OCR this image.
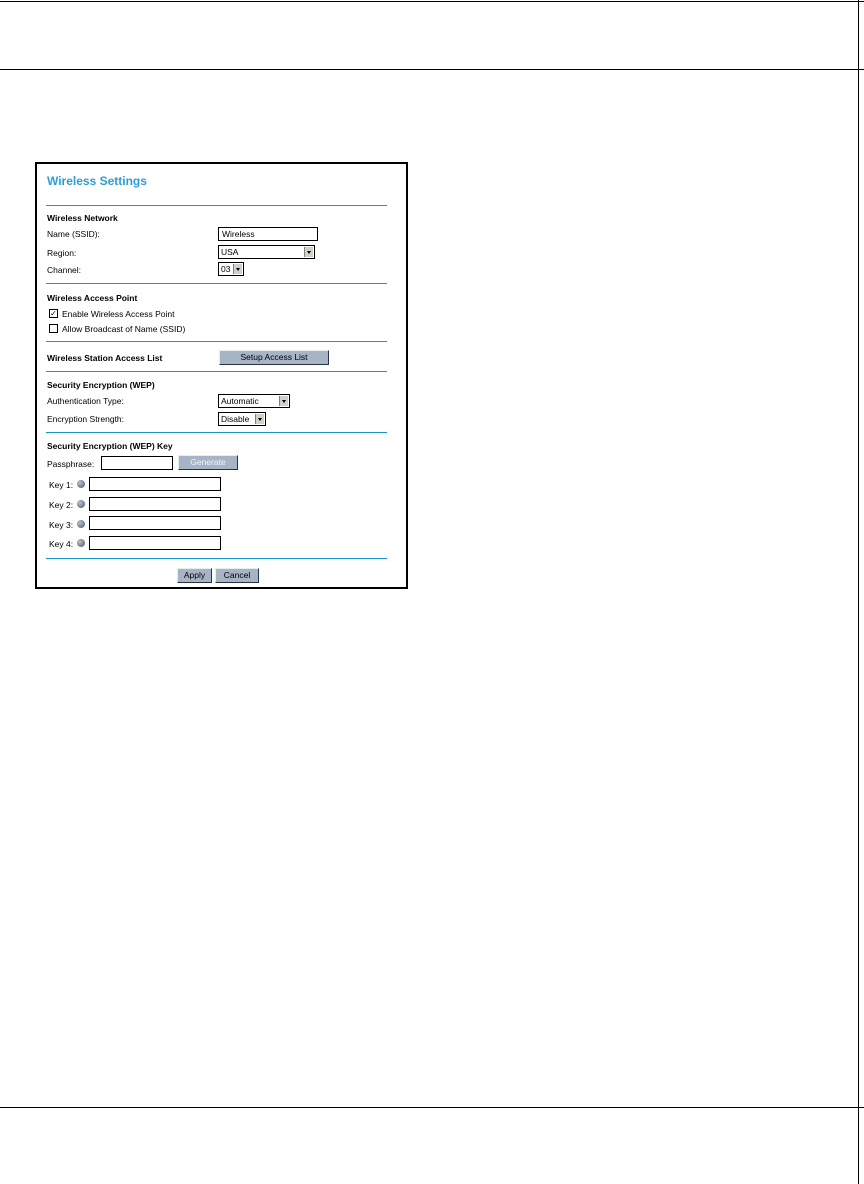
Wireless Settings
Wireless Network
Name (SSID):	Wireless
Region:	USA
Channel:	03
Wireless Access Point
✓ Enable Wireless Access Point
Allow Broadcast of Name (SSID)
Wireless Station Access List	Setup Access List
Security Encryption (WEP)
Authentication Type:	Automatic
Encryption Strength:	Disable
Security Encryption (WEP) Key
Passphrase:	Generate
Key 1:
Key 2:
Key 3:
Key 4:
Apply	Cancel
